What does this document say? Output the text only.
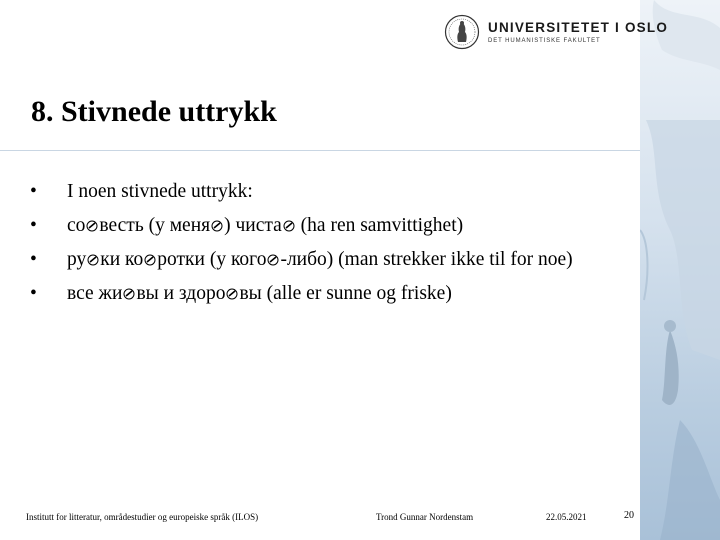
UNIVERSITETET I OSLO
DET HUMANISTISKE FAKULTET
8. Stivnede uttrykk
• I noen stivnede uttrykk:
• со весть (у меня ) чиста (ha ren samvittighet)
• ру ки ко ротки (у кого -либо) (man strekker ikke til for noe)
• все жи вы и здоро вы (alle er sunne og friske)
Institutt for litteratur, områdestudier og europeiske språk (ILOS)	Trond Gunnar Nordenstam	22.05.2021	20
